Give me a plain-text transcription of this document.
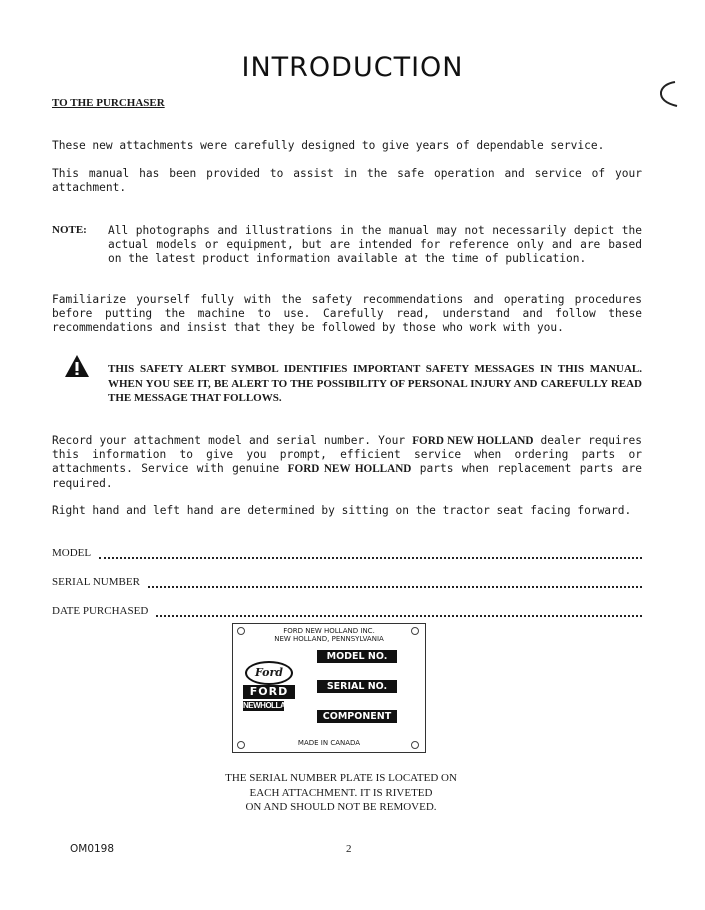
INTRODUCTION
TO THE PURCHASER
These new attachments were carefully designed to give years of dependable service.
This manual has been provided to assist in the safe operation and service of your attachment.
NOTE: All photographs and illustrations in the manual may not necessarily depict the actual models or equipment, but are intended for reference only and are based on the latest product information available at the time of publication.
Familiarize yourself fully with the safety recommendations and operating procedures before putting the machine to use. Carefully read, understand and follow these recommendations and insist that they be followed by those who work with you.
THIS SAFETY ALERT SYMBOL IDENTIFIES IMPORTANT SAFETY MESSAGES IN THIS MANUAL. WHEN YOU SEE IT, BE ALERT TO THE POSSIBILITY OF PERSONAL INJURY AND CAREFULLY READ THE MESSAGE THAT FOLLOWS.
Record your attachment model and serial number. Your FORD NEW HOLLAND dealer requires this information to give you prompt, efficient service when ordering parts or attachments. Service with genuine FORD NEW HOLLAND parts when replacement parts are required.
Right hand and left hand are determined by sitting on the tractor seat facing forward.
MODEL
SERIAL NUMBER
DATE PURCHASED
FORD NEW HOLLAND INC.
NEW HOLLAND, PENNSYLVANIA
MODEL NO.
SERIAL NO.
COMPONENT
Ford
FORD
NEWHOLLAND
MADE IN CANADA
THE SERIAL NUMBER PLATE IS LOCATED ON
EACH ATTACHMENT. IT IS RIVETED
ON AND SHOULD NOT BE REMOVED.
OM0198	2
